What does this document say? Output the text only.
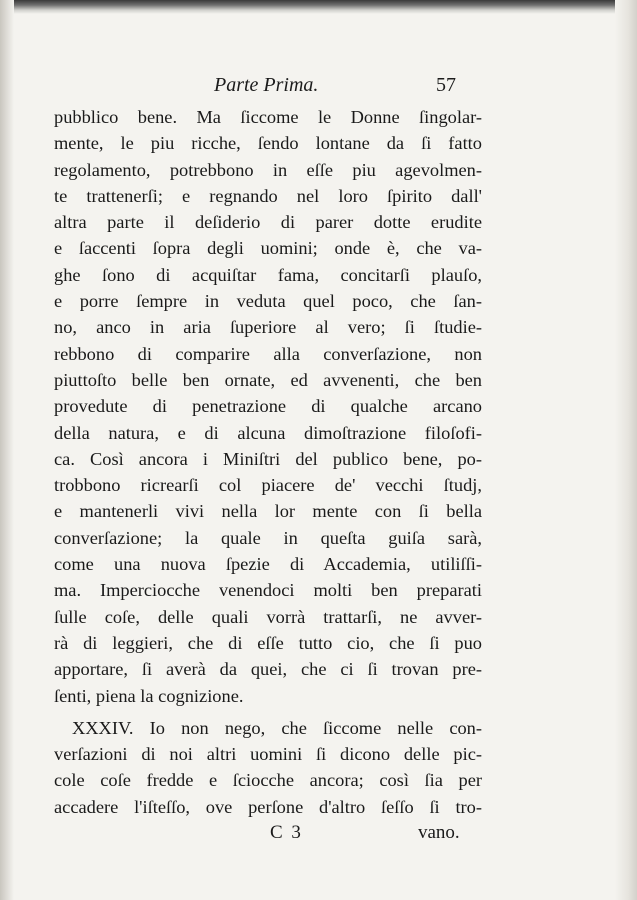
Parte Prima.	57
pubblico bene. Ma ſiccome le Donne ſingolar-
mente, le piu ricche, ſendo lontane da ſi fatto
regolamento, potrebbono in eſſe piu agevolmen-
te trattenerſi; e regnando nel loro ſpirito dall'
altra parte il deſiderio di parer dotte erudite
e ſaccenti ſopra degli uomini; onde è, che va-
ghe ſono di acquiſtar fama, concitarſi plauſo,
e porre ſempre in veduta quel poco, che ſan-
no, anco in aria ſuperiore al vero; ſi ſtudie-
rebbono di comparire alla converſazione, non
piuttoſto belle ben ornate, ed avvenenti, che ben
provedute di penetrazione di qualche arcano
della natura, e di alcuna dimoſtrazione filoſofi-
ca. Così ancora i Miniſtri del publico bene, po-
trobbono ricrearſi col piacere de' vecchi ſtudj,
e mantenerli vivi nella lor mente con ſi bella
converſazione; la quale in queſta guiſa sarà,
come una nuova ſpezie di Accademia, utiliſſi-
ma. Imperciocche venendoci molti ben preparati
ſulle coſe, delle quali vorrà trattarſi, ne avver-
rà di leggieri, che di eſſe tutto cio, che ſi puo
apportare, ſi averà da quei, che ci ſi trovan pre-
ſenti, piena la cognizione.
XXXIV. Io non nego, che ſiccome nelle con-
verſazioni di noi altri uomini ſi dicono delle pic-
cole coſe fredde e ſciocche ancora; così ſia per
accadere l'iſteſſo, ove perſone d'altro ſeſſo ſi tro-
C 3	vano.
